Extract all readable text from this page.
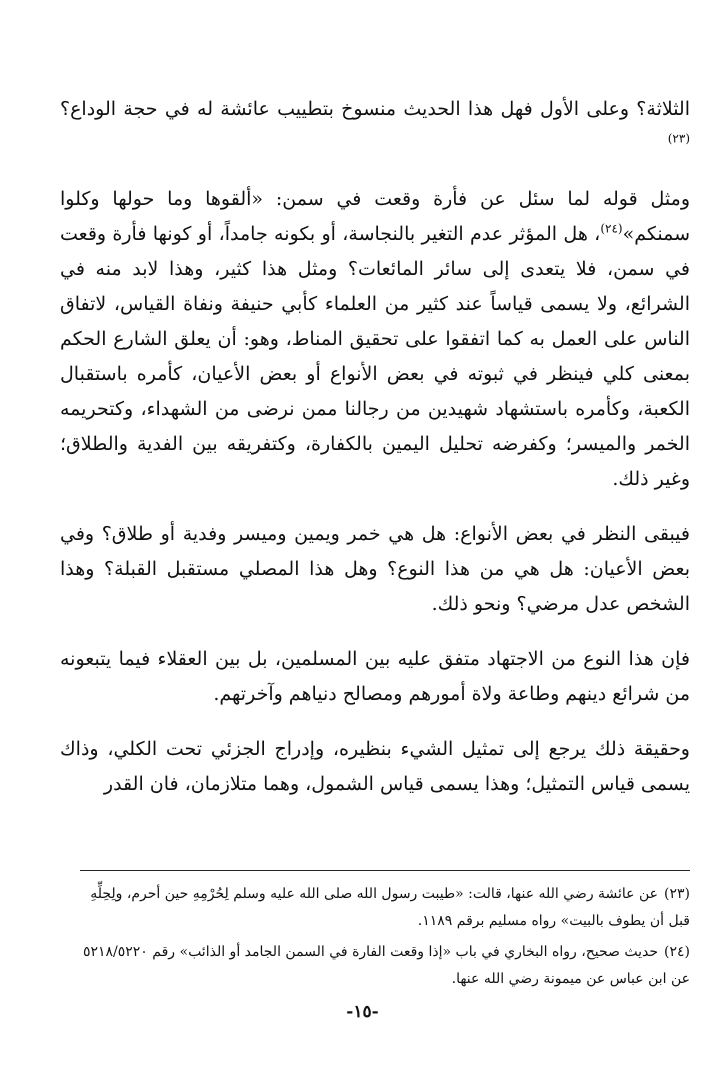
الثلاثة؟ وعلى الأول فهل هذا الحديث منسوخ بتطييب عائشة له في حجة الوداع؟$^{(٢٣)}$

ومثل قوله لما سئل عن فأرة وقعت في سمن: «ألقوها وما حولها وكلوا سمنكم»$^{(٢٤)}$، هل المؤثر عدم التغير بالنجاسة، أو بكونه جامداً، أو كونها فأرة وقعت في سمن، فلا يتعدى إلى سائر المائعات؟ ومثل هذا كثير، وهذا لابد منه في الشرائع، ولا يسمى قياساً عند كثير من العلماء كأبي حنيفة ونفاة القياس، لاتفاق الناس على العمل به كما اتفقوا على تحقيق المناط، وهو: أن يعلق الشارع الحكم بمعنى كلي فينظر في ثبوته في بعض الأنواع أو بعض الأعيان، كأمره باستقبال الكعبة، وكأمره باستشهاد شهيدين من رجالنا ممن نرضى من الشهداء، وكتحريمه الخمر والميسر؛ وكفرضه تحليل اليمين بالكفارة، وكتفريقه بين الفدية والطلاق؛ وغير ذلك.

فيبقى النظر في بعض الأنواع: هل هي خمر ويمين وميسر وفدية أو طلاق؟ وفي بعض الأعيان: هل هي من هذا النوع؟ وهل هذا المصلي مستقبل القبلة؟ وهذا الشخص عدل مرضي؟ ونحو ذلك.

فإن هذا النوع من الاجتهاد متفق عليه بين المسلمين، بل بين العقلاء فيما يتبعونه من شرائع دينهم وطاعة ولاة أمورهم ومصالح دنياهم وآخرتهم.

وحقيقة ذلك يرجع إلى تمثيل الشيء بنظيره، وإدراج الجزئي تحت الكلي، وذاك يسمى قياس التمثيل؛ وهذا يسمى قياس الشمول، وهما متلازمان، فان القدر

(٢٣)عن عائشة رضي الله عنها، قالت: «طيبت رسول الله صلى الله عليه وسلم لِحُرْمِهِ حين أحرم، ولِحِلِّهِ قبل أن يطوف بالبيت» رواه مسليم برقم ١١٨٩.

(٢٤)حديث صحيح، رواه البخاري في باب «إذا وقعت الفارة في السمن الجامد أو الذائب» رقم ٥٢١٨/٥٢٢٠ عن ابن عباس عن ميمونة رضي الله عنها.

-١٥-
